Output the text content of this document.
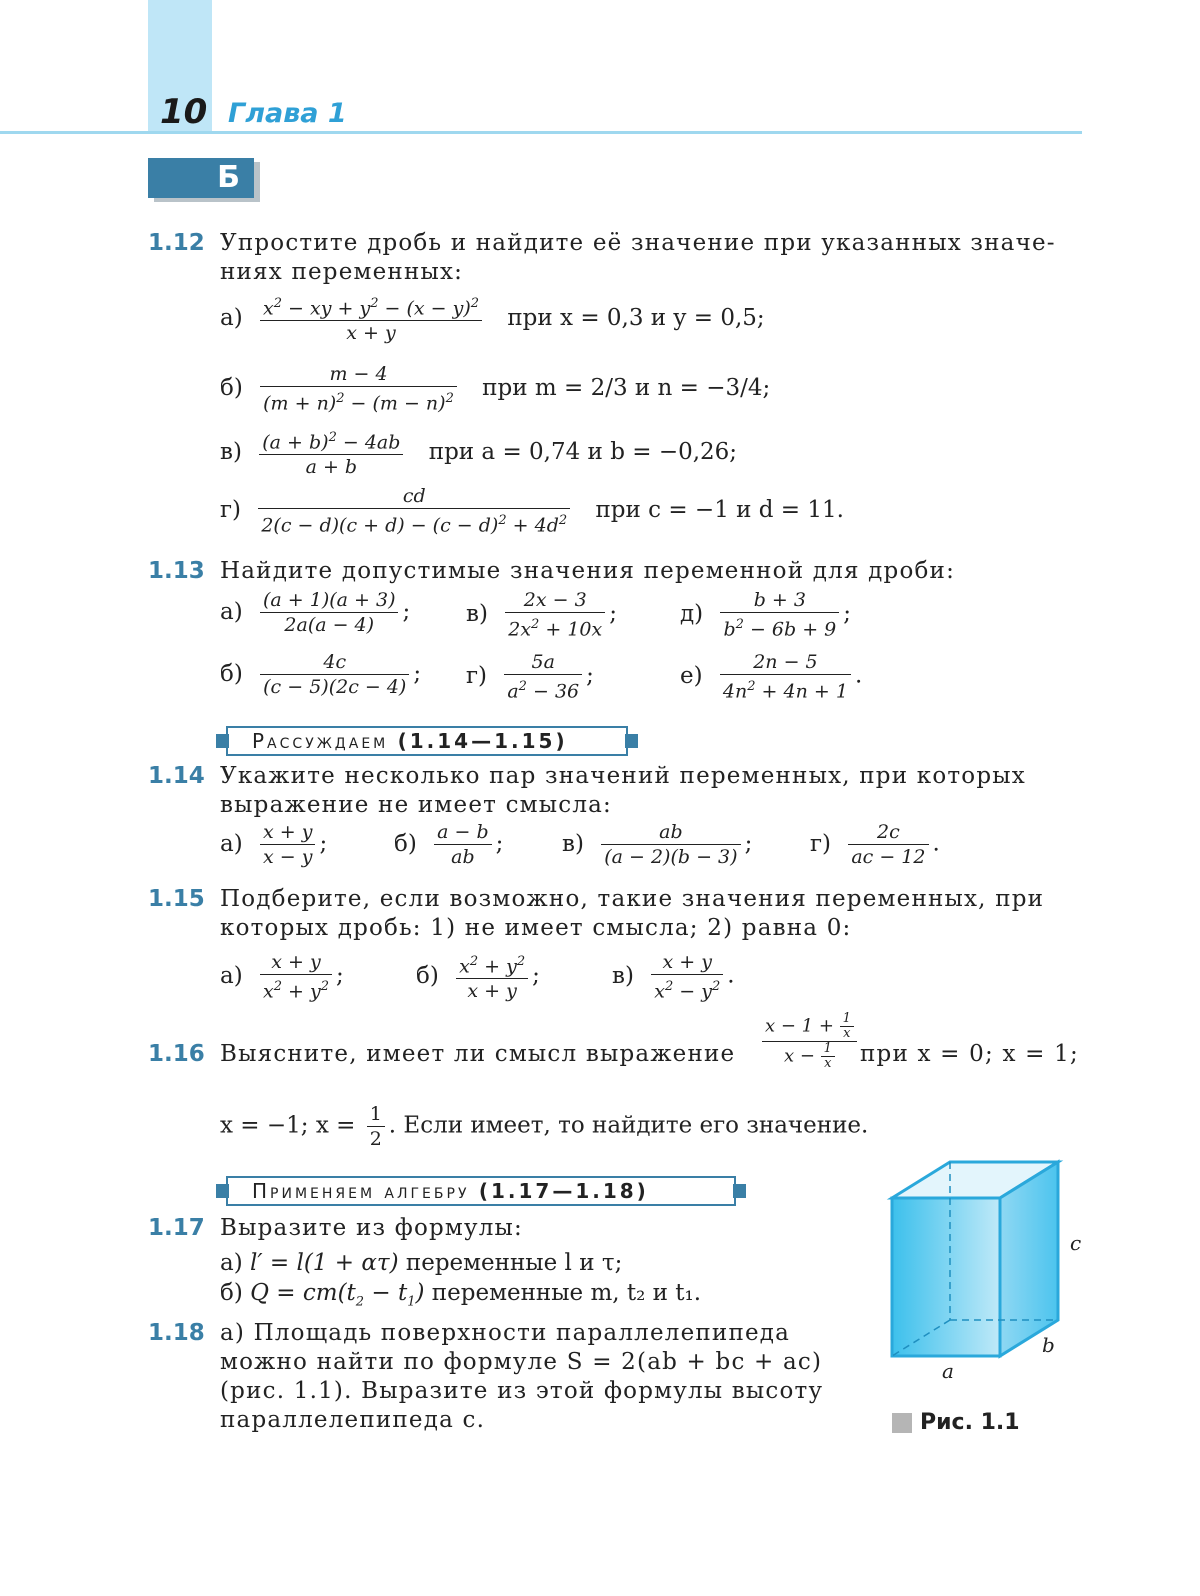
10 Глава 1
Б
1.12 Упростите дробь и найдите её значение при указанных значе-
ниях переменных:
$а) \frac{x^2 - xy + y^2 - (x - y)^2}{x + y}$ при x = 0,3 и y = 0,5;
$б) \frac{m - 4}{(m + n)^2 - (m - n)^2}$ при m = 2/3 и n = −3/4;
$в) \frac{(a + b)^2 - 4ab}{a + b}$ при a = 0,74 и b = −0,26;
$г) \frac{cd}{2(c - d)(c + d) - (c - d)^2 + 4d^2}$ при c = −1 и d = 11.
1.13 Найдите допустимые значения переменной для дроби:
$а) \frac{(a + 1)(a + 3)}{2a(a - 4)}$ ; $в) \frac{2x - 3}{2x^2 + 10x}$ ;	$д) \frac{b + 3}{b^2 - 6b + 9}$ ;
$б) \frac{4c}{(c - 5)(2c - 4)}$ ; $г) \frac{5a}{a^2 - 36}$ ;	$е) \frac{2n - 5}{4n^2 + 4n + 1}$ .
Рассуждаем (1.14—1.15)
1.14 Укажите несколько пар значений переменных, при которых
выражение не имеет смысла:
$а) \frac{x + y}{x - y}$ ;	$б) \frac{a - b}{ab}$ ;	$в) \frac{ab}{(a - 2)(b - 3)}$ ;	$г) \frac{2c}{ac - 12}$ .
1.15 Подберите, если возможно, такие значения переменных, при
которых дробь: 1) не имеет смысла; 2) равна 0:
$а) \frac{x + y}{x^2 + y^2}$ ;	$б) \frac{x^2 + y^2}{x + y}$ ;	$в) \frac{x + y}{x^2 - y^2}$ .
1.16 Выясните, имеет ли смысл выражение $\frac{x - 1 + \frac{1}{x}}{x - \frac{1}{x}}$ при x = 0; x = 1;
x = −1; $x = \frac{1}{2}$ . Если имеет, то найдите его значение.
Применяем алгебру (1.17—1.18)
1.17 Выразите из формулы:
а) l′ = l(1 + ατ) переменные l и τ;
б) $Q = cm(t_2 - t_1)$ переменные m, t₂ и t₁.
1.18 а) Площадь поверхности параллелепипеда
можно найти по формуле S = 2(ab + bc + ac)
(рис. 1.1). Выразите из этой формулы высоту
параллелепипеда c.
c
b
a
Рис. 1.1
